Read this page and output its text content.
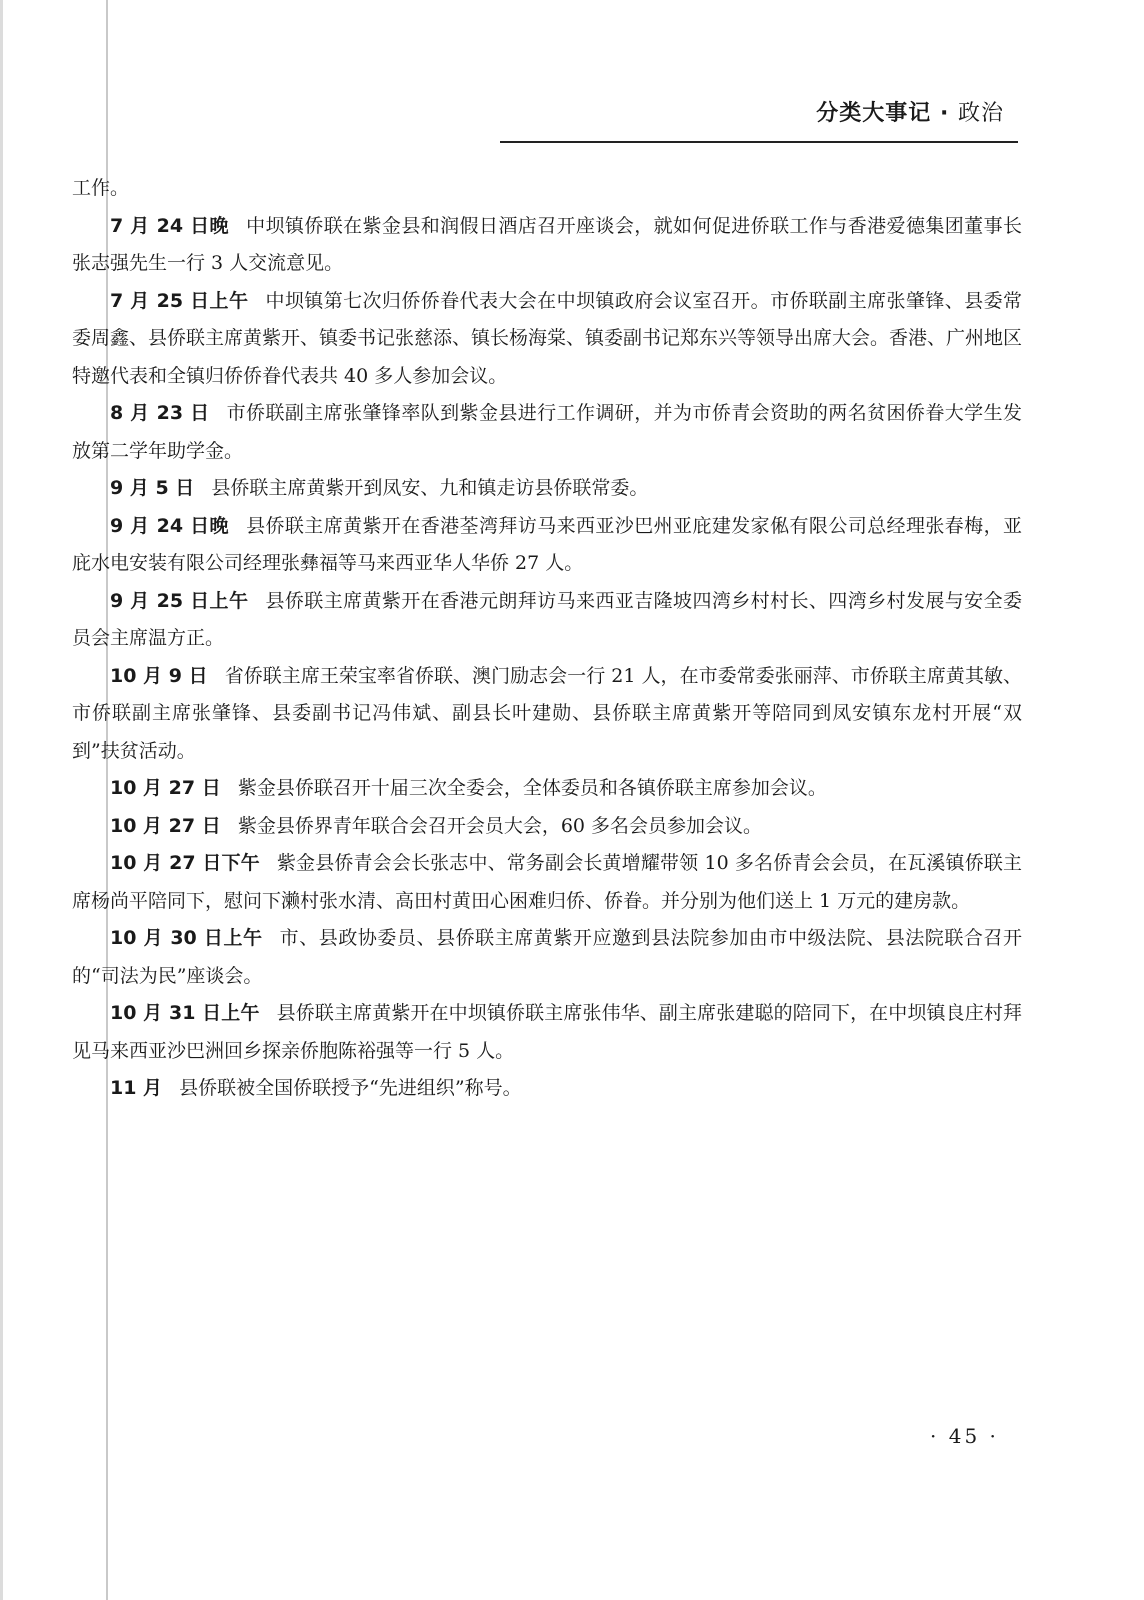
分类大事记 · 政治

工作。

7 月 24 日晚 中坝镇侨联在紫金县和润假日酒店召开座谈会，就如何促进侨联工作与香港爱德集团董事长张志强先生一行 3 人交流意见。

7 月 25 日上午 中坝镇第七次归侨侨眷代表大会在中坝镇政府会议室召开。市侨联副主席张肇锋、县委常委周鑫、县侨联主席黄紫开、镇委书记张慈添、镇长杨海棠、镇委副书记郑东兴等领导出席大会。香港、广州地区特邀代表和全镇归侨侨眷代表共 40 多人参加会议。

8 月 23 日 市侨联副主席张肇锋率队到紫金县进行工作调研，并为市侨青会资助的两名贫困侨眷大学生发放第二学年助学金。

9 月 5 日 县侨联主席黄紫开到凤安、九和镇走访县侨联常委。

9 月 24 日晚 县侨联主席黄紫开在香港荃湾拜访马来西亚沙巴州亚庇建发家俬有限公司总经理张春梅，亚庇水电安装有限公司经理张彝福等马来西亚华人华侨 27 人。

9 月 25 日上午 县侨联主席黄紫开在香港元朗拜访马来西亚吉隆坡四湾乡村村长、四湾乡村发展与安全委员会主席温方正。

10 月 9 日 省侨联主席王荣宝率省侨联、澳门励志会一行 21 人，在市委常委张丽萍、市侨联主席黄其敏、市侨联副主席张肇锋、县委副书记冯伟斌、副县长叶建勋、县侨联主席黄紫开等陪同到凤安镇东龙村开展“双到”扶贫活动。

10 月 27 日 紫金县侨联召开十届三次全委会，全体委员和各镇侨联主席参加会议。

10 月 27 日 紫金县侨界青年联合会召开会员大会，60 多名会员参加会议。

10 月 27 日下午 紫金县侨青会会长张志中、常务副会长黄增耀带领 10 多名侨青会会员，在瓦溪镇侨联主席杨尚平陪同下，慰问下濑村张水清、高田村黄田心困难归侨、侨眷。并分别为他们送上 1 万元的建房款。

10 月 30 日上午 市、县政协委员、县侨联主席黄紫开应邀到县法院参加由市中级法院、县法院联合召开的“司法为民”座谈会。

10 月 31 日上午 县侨联主席黄紫开在中坝镇侨联主席张伟华、副主席张建聪的陪同下，在中坝镇良庄村拜见马来西亚沙巴洲回乡探亲侨胞陈裕强等一行 5 人。

11 月 县侨联被全国侨联授予“先进组织”称号。

· 45 ·
